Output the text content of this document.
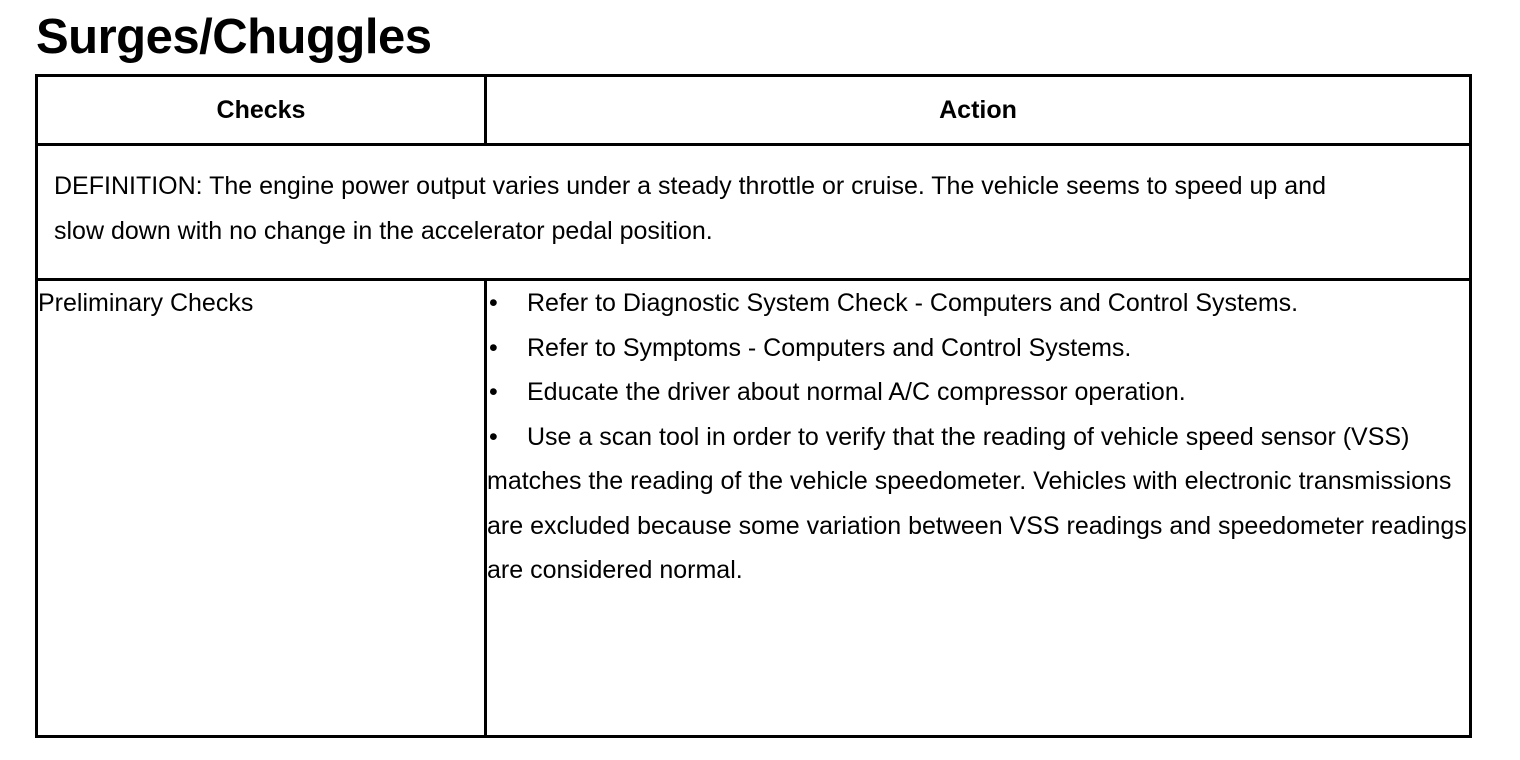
Surges/Chuggles
Checks	Action
DEFINITION: The engine power output varies under a steady throttle or cruise. The vehicle seems to speed up and slow down with no change in the accelerator pedal position.	
Preliminary Checks	• Refer to Diagnostic System Check - Computers and Control Systems.
• Refer to Symptoms - Computers and Control Systems.
• Educate the driver about normal A/C compressor operation.
• Use a scan tool in order to verify that the reading of vehicle speed sensor (VSS) matches the reading of the vehicle speedometer. Vehicles with electronic transmissions are excluded because some variation between VSS readings and speedometer readings are considered normal.
